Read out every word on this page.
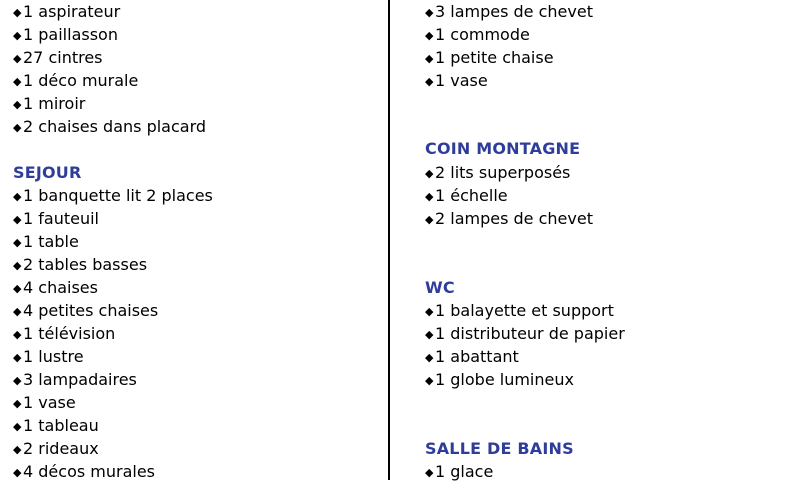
◆1 aspirateur
◆1 paillasson
◆27 cintres
◆1 déco murale
◆1 miroir
◆2 chaises dans placard
SEJOUR
◆1 banquette lit 2 places
◆1 fauteuil
◆1 table
◆2 tables basses
◆4 chaises
◆4 petites chaises
◆1 télévision
◆1 lustre
◆3 lampadaires
◆1 vase
◆1 tableau
◆2 rideaux
◆4 décos murales
◆3 lampes de chevet
◆1 commode
◆1 petite chaise
◆1 vase
COIN MONTAGNE
◆2 lits superposés
◆1 échelle
◆2 lampes de chevet
WC
◆1 balayette et support
◆1 distributeur de papier
◆1 abattant
◆1 globe lumineux
SALLE DE BAINS
◆1 glace
